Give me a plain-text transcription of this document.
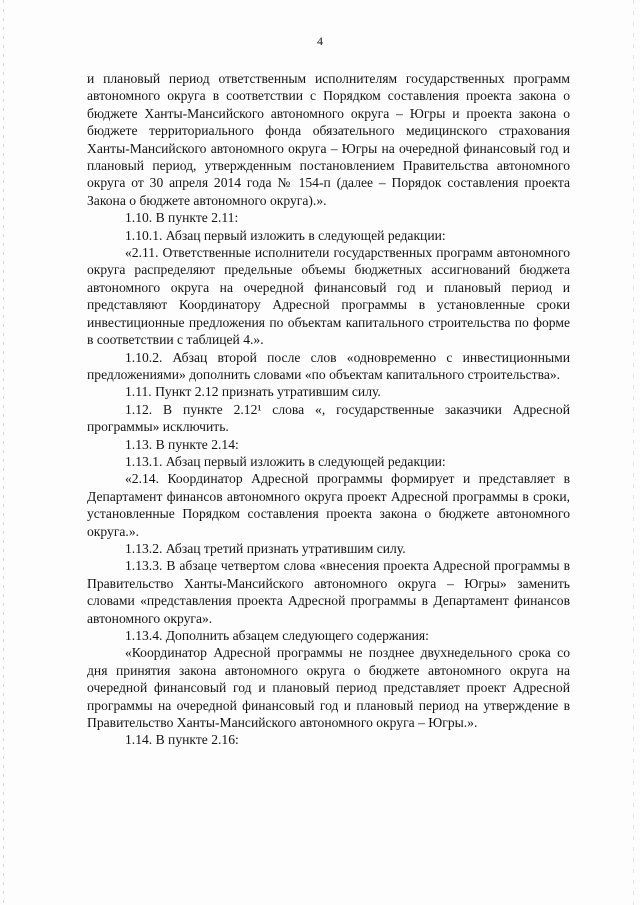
4

и плановый период ответственным исполнителям государственных программ автономного округа в соответствии с Порядком составления проекта закона о бюджете Ханты-Мансийского автономного округа – Югры и проекта закона о бюджете территориального фонда обязательного медицинского страхования Ханты-Мансийского автономного округа – Югры на очередной финансовый год и плановый период, утвержденным постановлением Правительства автономного округа от 30 апреля 2014 года № 154-п (далее – Порядок составления проекта Закона о бюджете автономного округа).».

1.10. В пункте 2.11:

1.10.1. Абзац первый изложить в следующей редакции:

«2.11. Ответственные исполнители государственных программ автономного округа распределяют предельные объемы бюджетных ассигнований бюджета автономного округа на очередной финансовый год и плановый период и представляют Координатору Адресной программы в установленные сроки инвестиционные предложения по объектам капитального строительства по форме в соответствии с таблицей 4.».

1.10.2. Абзац второй после слов «одновременно с инвестиционными предложениями» дополнить словами «по объектам капитального строительства».

1.11. Пункт 2.12 признать утратившим силу.

1.12. В пункте 2.12¹ слова «, государственные заказчики Адресной программы» исключить.

1.13. В пункте 2.14:

1.13.1. Абзац первый изложить в следующей редакции:

«2.14. Координатор Адресной программы формирует и представляет в Департамент финансов автономного округа проект Адресной программы в сроки, установленные Порядком составления проекта закона о бюджете автономного округа.».

1.13.2. Абзац третий признать утратившим силу.

1.13.3. В абзаце четвертом слова «внесения проекта Адресной программы в Правительство Ханты-Мансийского автономного округа – Югры» заменить словами «представления проекта Адресной программы в Департамент финансов автономного округа».

1.13.4. Дополнить абзацем следующего содержания:

«Координатор Адресной программы не позднее двухнедельного срока со дня принятия закона автономного округа о бюджете автономного округа на очередной финансовый год и плановый период представляет проект Адресной программы на очередной финансовый год и плановый период на утверждение в Правительство Ханты-Мансийского автономного округа – Югры.».

1.14. В пункте 2.16:
